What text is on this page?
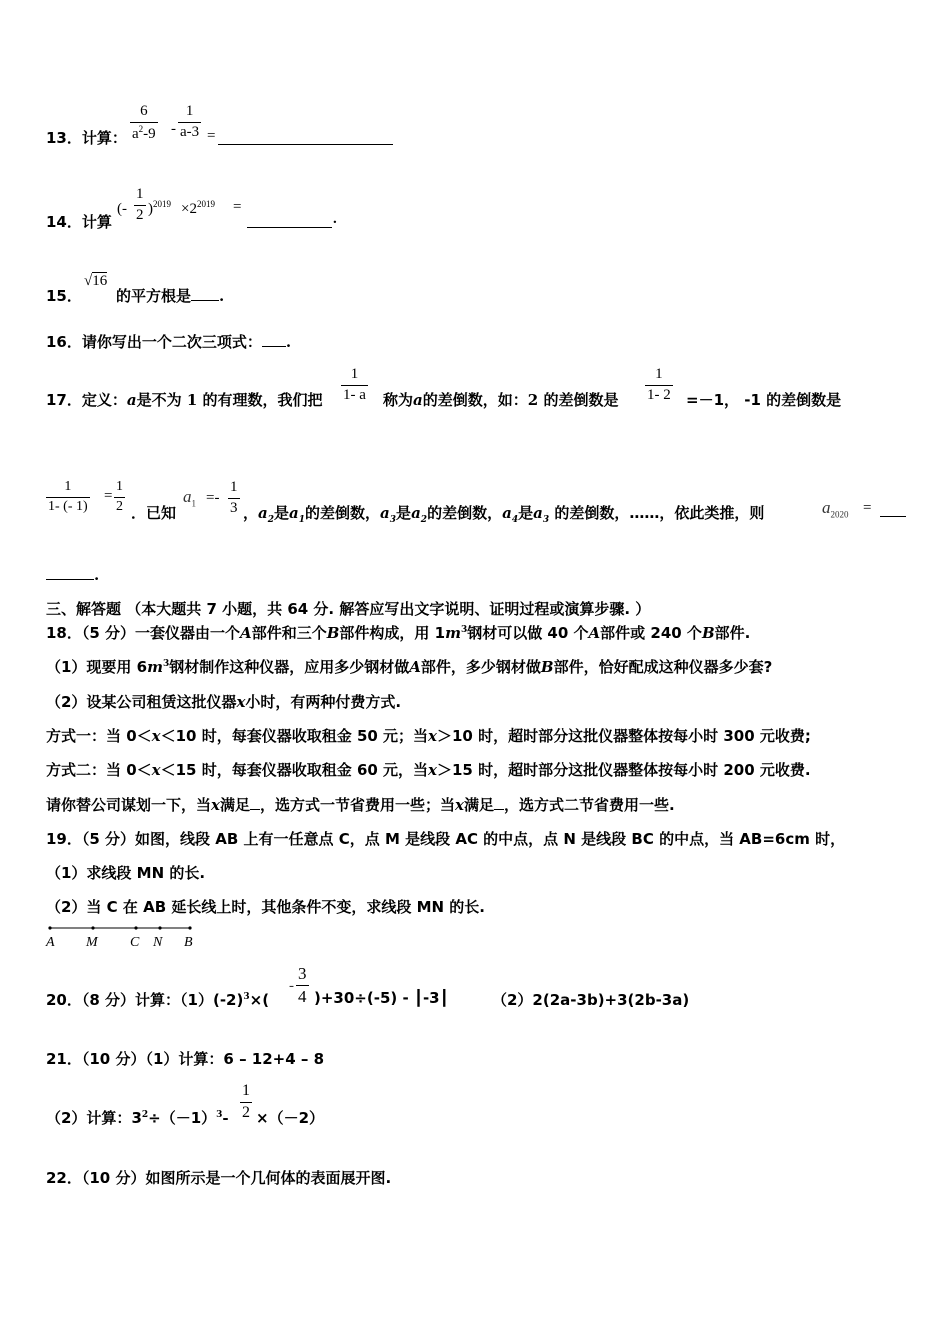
13．计算： $\frac{6}{a^2-9} - \frac{1}{a-3}$ =
14．计算
(- $\frac{1}{2} )^{2019} \times 2^{2019}$ =
.
15．
√16
的平方根是 .
16．请你写出一个二次三项式： .
17．定义：a是不为 1 的有理数，我们把 $\frac{1}{1- a}$ 称为a的差倒数，如：2 的差倒数是 $\frac{1}{1- 2} =-1$， -1 的差倒数是
$\frac{1}{1- (- 1)} = \frac{1}{2}$ ．已知
$a_1 =- \frac{1}{3}$ ，$a_2$是$a_1$的差倒数，$a_3$是$a_2$的差倒数，$a_4$是$a_3$ 的差倒数，……，依此类推，则	$a_{2020}$ =
.
三、解答题 （本大题共 7 小题，共 64 分. 解答应写出文字说明、证明过程或演算步骤. ）
18．（5 分）一套仪器由一个A部件和三个B部件构成，用 $1m^3$钢材可以做 40 个A部件或 240 个B部件.
（1）现要用 $6m^3$钢材制作这种仪器，应用多少钢材做A部件，多少钢材做B部件，恰好配成这种仪器多少套?
（2）设某公司租赁这批仪器x小时，有两种付费方式.
方式一：当 0＜x＜10 时，每套仪器收取租金 50 元；当x＞10 时，超时部分这批仪器整体按每小时 300 元收费;
方式二：当 0＜x＜15 时，每套仪器收取租金 60 元，当x＞15 时，超时部分这批仪器整体按每小时 200 元收费.
请你替公司谋划一下，当x满足 ，选方式一节省费用一些；当x满足 ，选方式二节省费用一些.
19．（5 分）如图，线段 AB 上有一任意点 C，点 M 是线段 AC 的中点，点 N 是线段 BC 的中点，当 AB=6cm 时，
（1）求线段 MN 的长.
（2）当 C 在 AB 延长线上时，其他条件不变，求线段 MN 的长.
A M C N B
20．（8 分）计算：$(1)(-2)^3\times$(
- $\frac{3}{4} )+30\div(-5)$ - ┃-3┃	（2）2(2a-3b)+3(2b-3a)
21．（10 分）（1）计算：6 – 12+4 – 8
（2）计算：$3^2\div(-1)^3- \frac{1}{2} \times(-2)$
22．（10 分）如图所示是一个几何体的表面展开图.
